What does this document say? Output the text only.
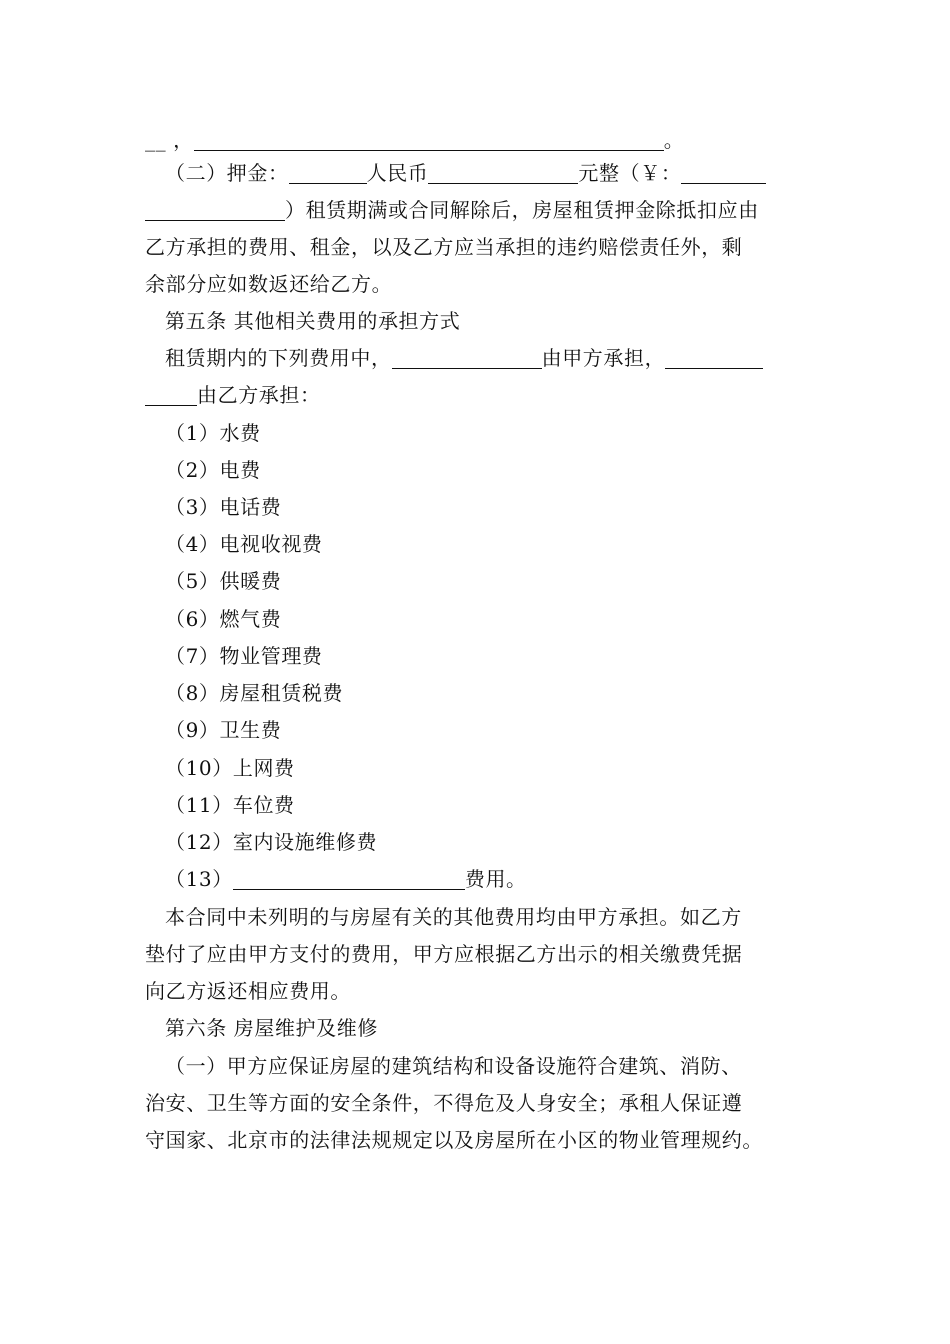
__ ，	。
（二）押金：	人民币	元整（￥：
）租赁期满或合同解除后，房屋租赁押金除抵扣应由
乙方承担的费用、租金，以及乙方应当承担的违约赔偿责任外，剩
余部分应如数返还给乙方。
第五条 其他相关费用的承担方式
租赁期内的下列费用中，	由甲方承担，
由乙方承担：
（1）水费
（2）电费
（3）电话费
（4）电视收视费
（5）供暖费
（6）燃气费
（7）物业管理费
（8）房屋租赁税费
（9）卫生费
（10）上网费
（11）车位费
（12）室内设施维修费
（13）	费用。
本合同中未列明的与房屋有关的其他费用均由甲方承担。如乙方
垫付了应由甲方支付的费用，甲方应根据乙方出示的相关缴费凭据
向乙方返还相应费用。
第六条 房屋维护及维修
（一）甲方应保证房屋的建筑结构和设备设施符合建筑、消防、
治安、卫生等方面的安全条件，不得危及人身安全；承租人保证遵
守国家、北京市的法律法规规定以及房屋所在小区的物业管理规约。
